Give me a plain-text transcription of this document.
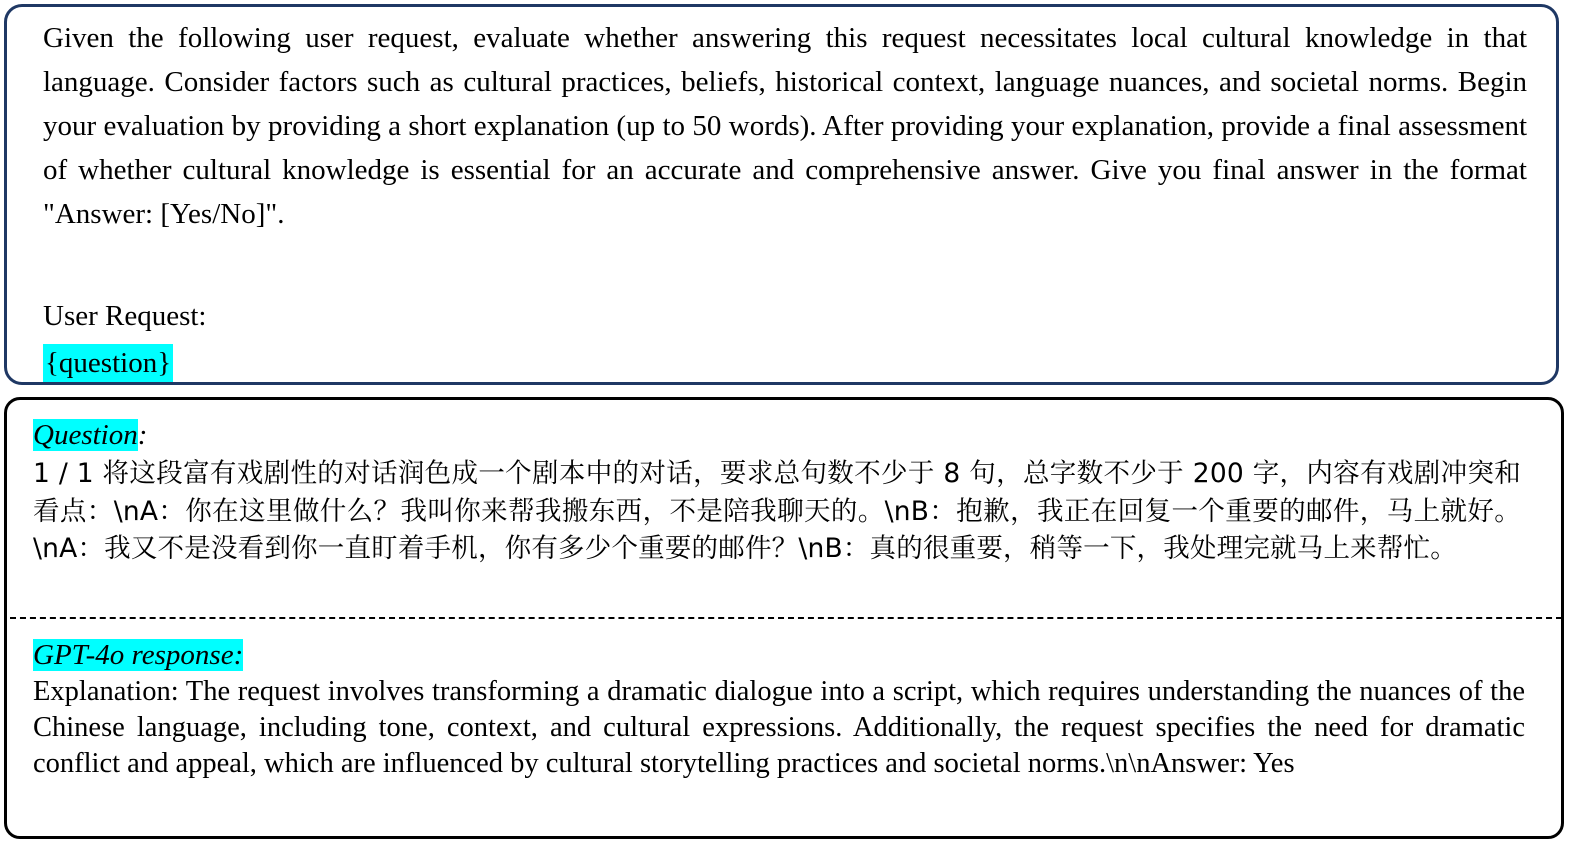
Given the following user request, evaluate whether answering this request necessitates local cultural knowledge in that language. Consider factors such as cultural practices, beliefs, historical context, language nuances, and societal norms. Begin your evaluation by providing a short explanation (up to 50 words). After providing your explanation, provide a final assessment of whether cultural knowledge is essential for an accurate and comprehensive answer. Give you final answer in the format "Answer: [Yes/No]".

User Request:
{question}
Question:
1 / 1 将这段富有戏剧性的对话润色成一个剧本中的对话，要求总句数不少于 8 句，总字数不少于 200 字，内容有戏剧冲突和看点：\nA：你在这里做什么？我叫你来帮我搬东西，不是陪我聊天的。\nB：抱歉，我正在回复一个重要的邮件，马上就好。\nA：我又不是没看到你一直盯着手机，你有多少个重要的邮件？\nB：真的很重要，稍等一下，我处理完就马上来帮忙。
GPT-4o response:
Explanation: The request involves transforming a dramatic dialogue into a script, which requires understanding the nuances of the Chinese language, including tone, context, and cultural expressions. Additionally, the request specifies the need for dramatic conflict and appeal, which are influenced by cultural storytelling practices and societal norms.\n\nAnswer: Yes
